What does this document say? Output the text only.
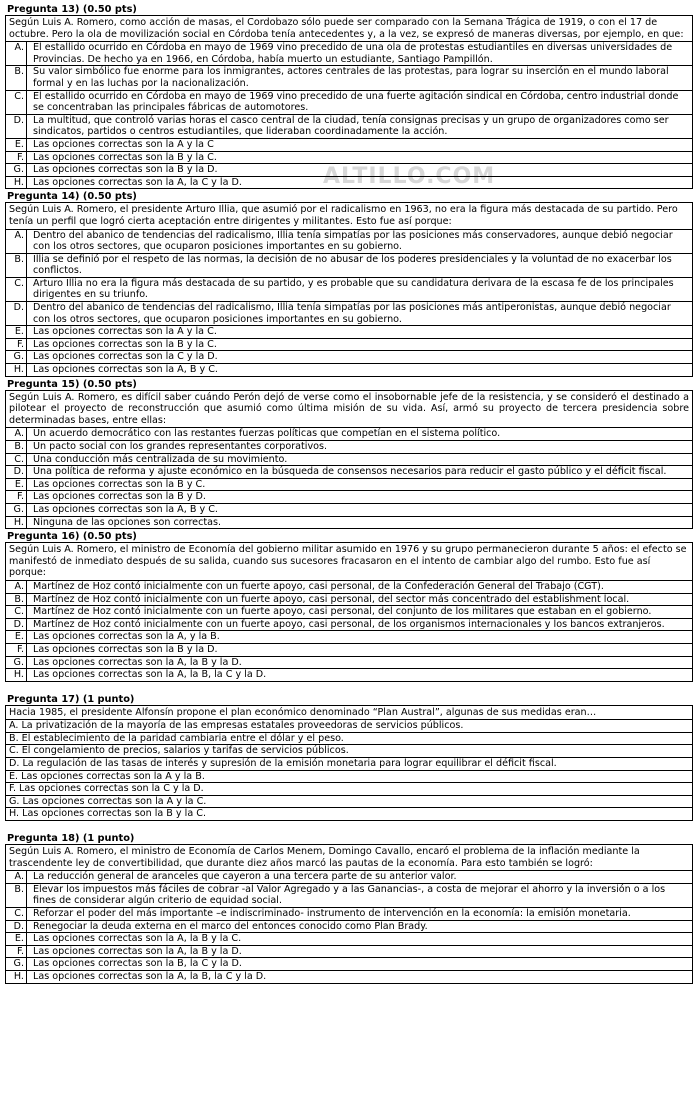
ALTILLO.COM
Pregunta 13) (0.50 pts)
Según Luis A. Romero, como acción de masas, el Cordobazo sólo puede ser comparado con la Semana Trágica de 1919, o con el 17 de octubre. Pero la ola de movilización social en Córdoba tenía antecedentes y, a la vez, se expresó de maneras diversas, por ejemplo, en que:
A. El estallido ocurrido en Córdoba en mayo de 1969 vino precedido de una ola de protestas estudiantiles en diversas universidades de Provincias. De hecho ya en 1966, en Córdoba, había muerto un estudiante, Santiago Pampillón.
B. Su valor simbólico fue enorme para los inmigrantes, actores centrales de las protestas, para lograr su inserción en el mundo laboral formal y en las luchas por la nacionalización.
C. El estallido ocurrido en Córdoba en mayo de 1969 vino precedido de una fuerte agitación sindical en Córdoba, centro industrial donde se concentraban las principales fábricas de automotores.
D. La multitud, que controló varias horas el casco central de la ciudad, tenía consignas precisas y un grupo de organizadores como ser sindicatos, partidos o centros estudiantiles, que lideraban coordinadamente la acción.
E. Las opciones correctas son la A y la C
F. Las opciones correctas son la B y la C.
G. Las opciones correctas son la B y la D.
H. Las opciones correctas son la A, la C y la D.
Pregunta 14) (0.50 pts)
Según Luis A. Romero, el presidente Arturo Illia, que asumió por el radicalismo en 1963, no era la figura más destacada de su partido. Pero tenía un perfil que logró cierta aceptación entre dirigentes y militantes. Esto fue así porque:
A. Dentro del abanico de tendencias del radicalismo, Illia tenía simpatías por las posiciones más conservadores, aunque debió negociar con los otros sectores, que ocuparon posiciones importantes en su gobierno.
B. Illia se definió por el respeto de las normas, la decisión de no abusar de los poderes presidenciales y la voluntad de no exacerbar los conflictos.
C. Arturo Illia no era la figura más destacada de su partido, y es probable que su candidatura derivara de la escasa fe de los principales dirigentes en su triunfo.
D. Dentro del abanico de tendencias del radicalismo, Illia tenía simpatías por las posiciones más antiperonistas, aunque debió negociar con los otros sectores, que ocuparon posiciones importantes en su gobierno.
E. Las opciones correctas son la A y la C.
F. Las opciones correctas son la B y la C.
G. Las opciones correctas son la C y la D.
H. Las opciones correctas son la A, B y C.
Pregunta 15) (0.50 pts)
Según Luis A. Romero, es difícil saber cuándo Perón dejó de verse como el insobornable jefe de la resistencia, y se consideró el destinado a pilotear el proyecto de reconstrucción que asumió como última misión de su vida. Así, armó su proyecto de tercera presidencia sobre determinadas bases, entre ellas:
A. Un acuerdo democrático con las restantes fuerzas políticas que competían en el sistema político.
B. Un pacto social con los grandes representantes corporativos.
C. Una conducción más centralizada de su movimiento.
D. Una política de reforma y ajuste económico en la búsqueda de consensos necesarios para reducir el gasto público y el déficit fiscal.
E. Las opciones correctas son la B y C.
F. Las opciones correctas son la B y D.
G. Las opciones correctas son la A, B y C.
H. Ninguna de las opciones son correctas.
Pregunta 16) (0.50 pts)
Según Luis A. Romero, el ministro de Economía del gobierno militar asumido en 1976 y su grupo permanecieron durante 5 años: el efecto se manifestó de inmediato después de su salida, cuando sus sucesores fracasaron en el intento de cambiar algo del rumbo. Esto fue así porque:
A. Martínez de Hoz contó inicialmente con un fuerte apoyo, casi personal, de la Confederación General del Trabajo (CGT).
B. Martínez de Hoz contó inicialmente con un fuerte apoyo, casi personal, del sector más concentrado del establishment local.
C. Martínez de Hoz contó inicialmente con un fuerte apoyo, casi personal, del conjunto de los militares que estaban en el gobierno.
D. Martínez de Hoz contó inicialmente con un fuerte apoyo, casi personal, de los organismos internacionales y los bancos extranjeros.
E. Las opciones correctas son la A, y la B.
F. Las opciones correctas son la B y la D.
G. Las opciones correctas son la A, la B y la D.
H. Las opciones correctas son la A, la B, la C y la D.
Pregunta 17) (1 punto)
Hacia 1985, el presidente Alfonsín propone el plan económico denominado “Plan Austral”, algunas de sus medidas eran…
A. La privatización de la mayoría de las empresas estatales proveedoras de servicios públicos.
B. El establecimiento de la paridad cambiaria entre el dólar y el peso.
C. El congelamiento de precios, salarios y tarifas de servicios públicos.
D. La regulación de las tasas de interés y supresión de la emisión monetaria para lograr equilibrar el déficit fiscal.
E. Las opciones correctas son la A y la B.
F. Las opciones correctas son la C y la D.
G. Las opciones correctas son la A y la C.
H. Las opciones correctas son la B y la C.
Pregunta 18) (1 punto)
Según Luis A. Romero, el ministro de Economía de Carlos Menem, Domingo Cavallo, encaró el problema de la inflación mediante la trascendente ley de convertibilidad, que durante diez años marcó las pautas de la economía. Para esto también se logró:
A. La reducción general de aranceles que cayeron a una tercera parte de su anterior valor.
B. Elevar los impuestos más fáciles de cobrar -al Valor Agregado y a las Ganancias-, a costa de mejorar el ahorro y la inversión o a los fines de considerar algún criterio de equidad social.
C. Reforzar el poder del más importante –e indiscriminado- instrumento de intervención en la economía: la emisión monetaria.
D. Renegociar la deuda externa en el marco del entonces conocido como Plan Brady.
E. Las opciones correctas son la A, la B y la C.
F. Las opciones correctas son la A, la B y la D.
G. Las opciones correctas son la B, la C y la D.
H. Las opciones correctas son la A, la B, la C y la D.
